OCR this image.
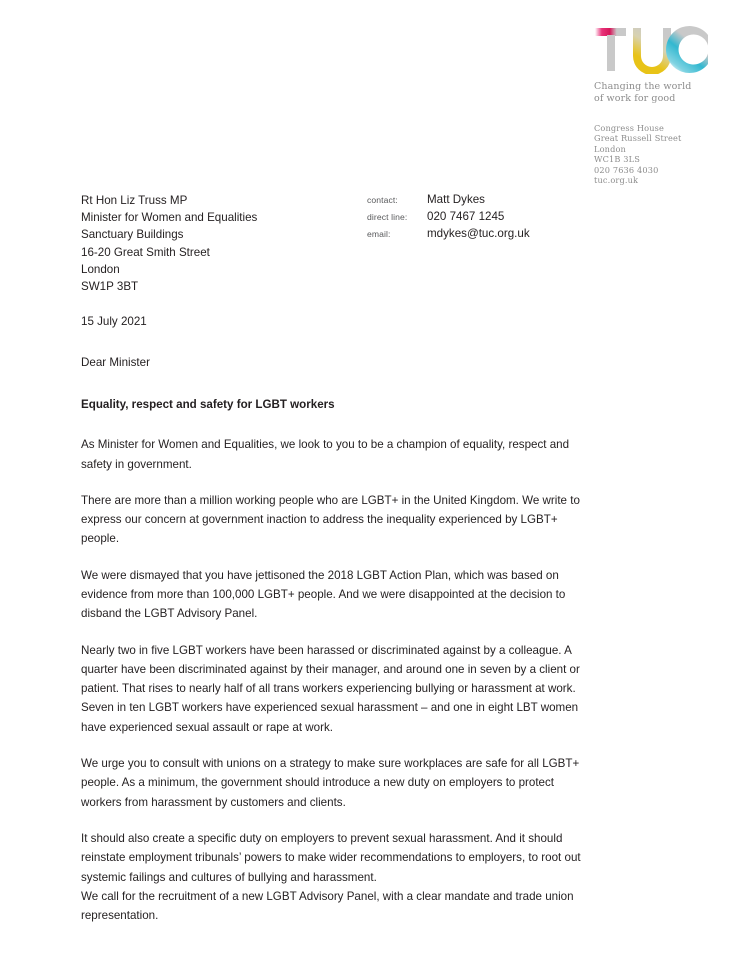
Changing the world
of work for good
Congress House
Great Russell Street
London
WC1B 3LS
020 7636 4030
tuc.org.uk
Rt Hon Liz Truss MP
Minister for Women and Equalities
Sanctuary Buildings
16-20 Great Smith Street
London
SW1P 3BT
contact:	Matt Dykes
direct line:	020 7467 1245
email:	mdykes@tuc.org.uk
15 July 2021
Dear Minister
Equality, respect and safety for LGBT workers

As Minister for Women and Equalities, we look to you to be a champion of equality, respect and safety in government.

There are more than a million working people who are LGBT+ in the United Kingdom. We write to express our concern at government inaction to address the inequality experienced by LGBT+ people.

We were dismayed that you have jettisoned the 2018 LGBT Action Plan, which was based on evidence from more than 100,000 LGBT+ people. And we were disappointed at the decision to disband the LGBT Advisory Panel.

Nearly two in five LGBT workers have been harassed or discriminated against by a colleague. A quarter have been discriminated against by their manager, and around one in seven by a client or patient. That rises to nearly half of all trans workers experiencing bullying or harassment at work. Seven in ten LGBT workers have experienced sexual harassment – and one in eight LBT women have experienced sexual assault or rape at work.

We urge you to consult with unions on a strategy to make sure workplaces are safe for all LGBT+ people. As a minimum, the government should introduce a new duty on employers to protect workers from harassment by customers and clients.

It should also create a specific duty on employers to prevent sexual harassment. And it should reinstate employment tribunals’ powers to make wider recommendations to employers, to root out systemic failings and cultures of bullying and harassment.
We call for the recruitment of a new LGBT Advisory Panel, with a clear mandate and trade union representation.
